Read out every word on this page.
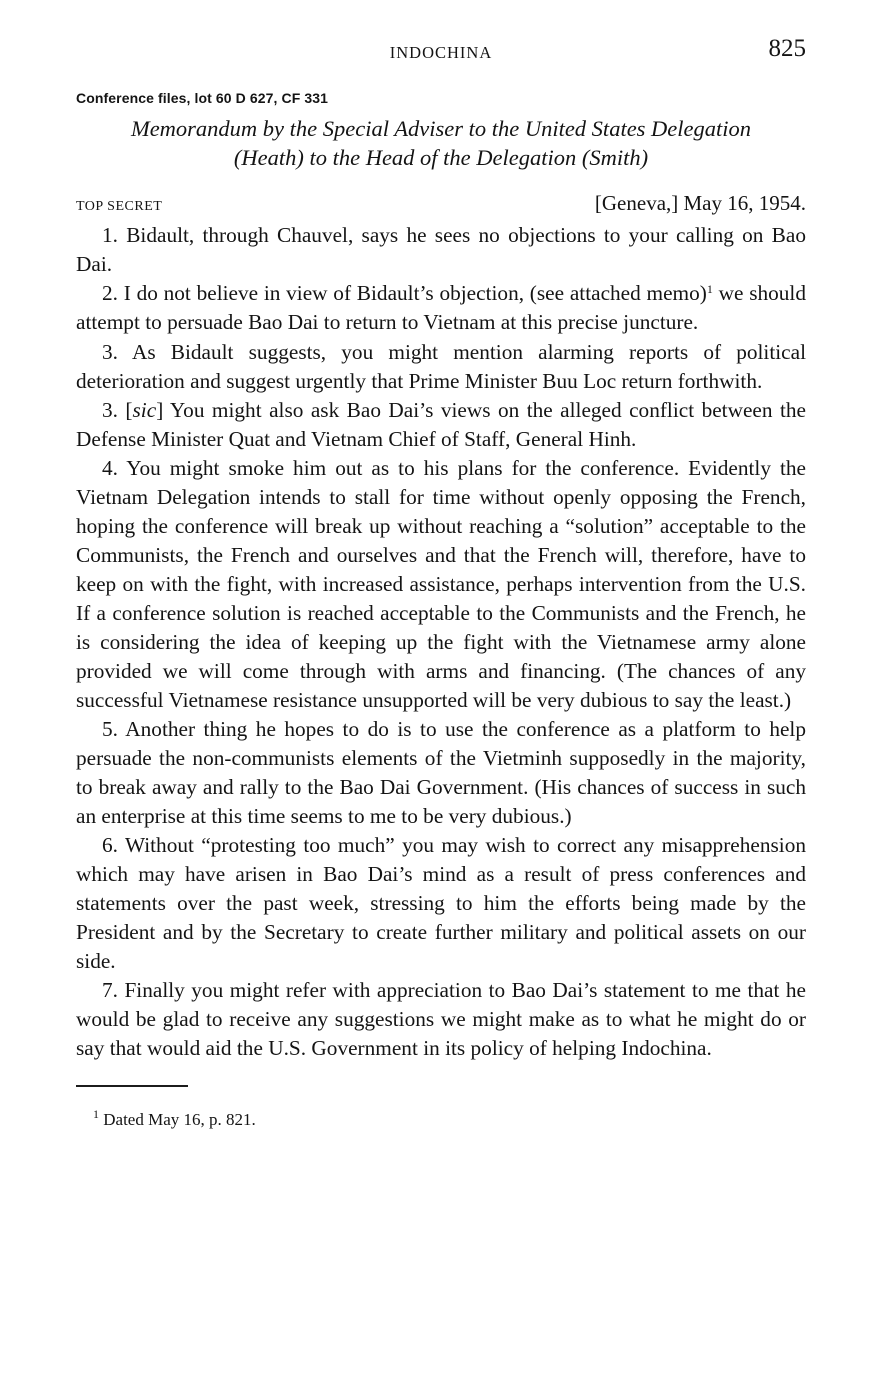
INDOCHINA	825
Conference files, lot 60 D 627, CF 331
Memorandum by the Special Adviser to the United States Delegation
(Heath) to the Head of the Delegation (Smith)
TOP SECRET	[Geneva,] May 16, 1954.

1. Bidault, through Chauvel, says he sees no objections to your calling on Bao Dai.

2. I do not believe in view of Bidault’s objection, (see attached memo)$^1$ we should attempt to persuade Bao Dai to return to Vietnam at this precise juncture.

3. As Bidault suggests, you might mention alarming reports of political deterioration and suggest urgently that Prime Minister Buu Loc return forthwith.

3. [sic] You might also ask Bao Dai’s views on the alleged conflict between the Defense Minister Quat and Vietnam Chief of Staff, General Hinh.

4. You might smoke him out as to his plans for the conference. Evidently the Vietnam Delegation intends to stall for time without openly opposing the French, hoping the conference will break up without reaching a “solution” acceptable to the Communists, the French and ourselves and that the French will, therefore, have to keep on with the fight, with increased assistance, perhaps intervention from the U.S. If a conference solution is reached acceptable to the Communists and the French, he is considering the idea of keeping up the fight with the Vietnamese army alone provided we will come through with arms and financing. (The chances of any successful Vietnamese resistance unsupported will be very dubious to say the least.)

5. Another thing he hopes to do is to use the conference as a platform to help persuade the non-communists elements of the Vietminh supposedly in the majority, to break away and rally to the Bao Dai Government. (His chances of success in such an enterprise at this time seems to me to be very dubious.)

6. Without “protesting too much” you may wish to correct any misapprehension which may have arisen in Bao Dai’s mind as a result of press conferences and statements over the past week, stressing to him the efforts being made by the President and by the Secretary to create further military and political assets on our side.

7. Finally you might refer with appreciation to Bao Dai’s statement to me that he would be glad to receive any suggestions we might make as to what he might do or say that would aid the U.S. Government in its policy of helping Indochina.

$^1$ Dated May 16, p. 821.
